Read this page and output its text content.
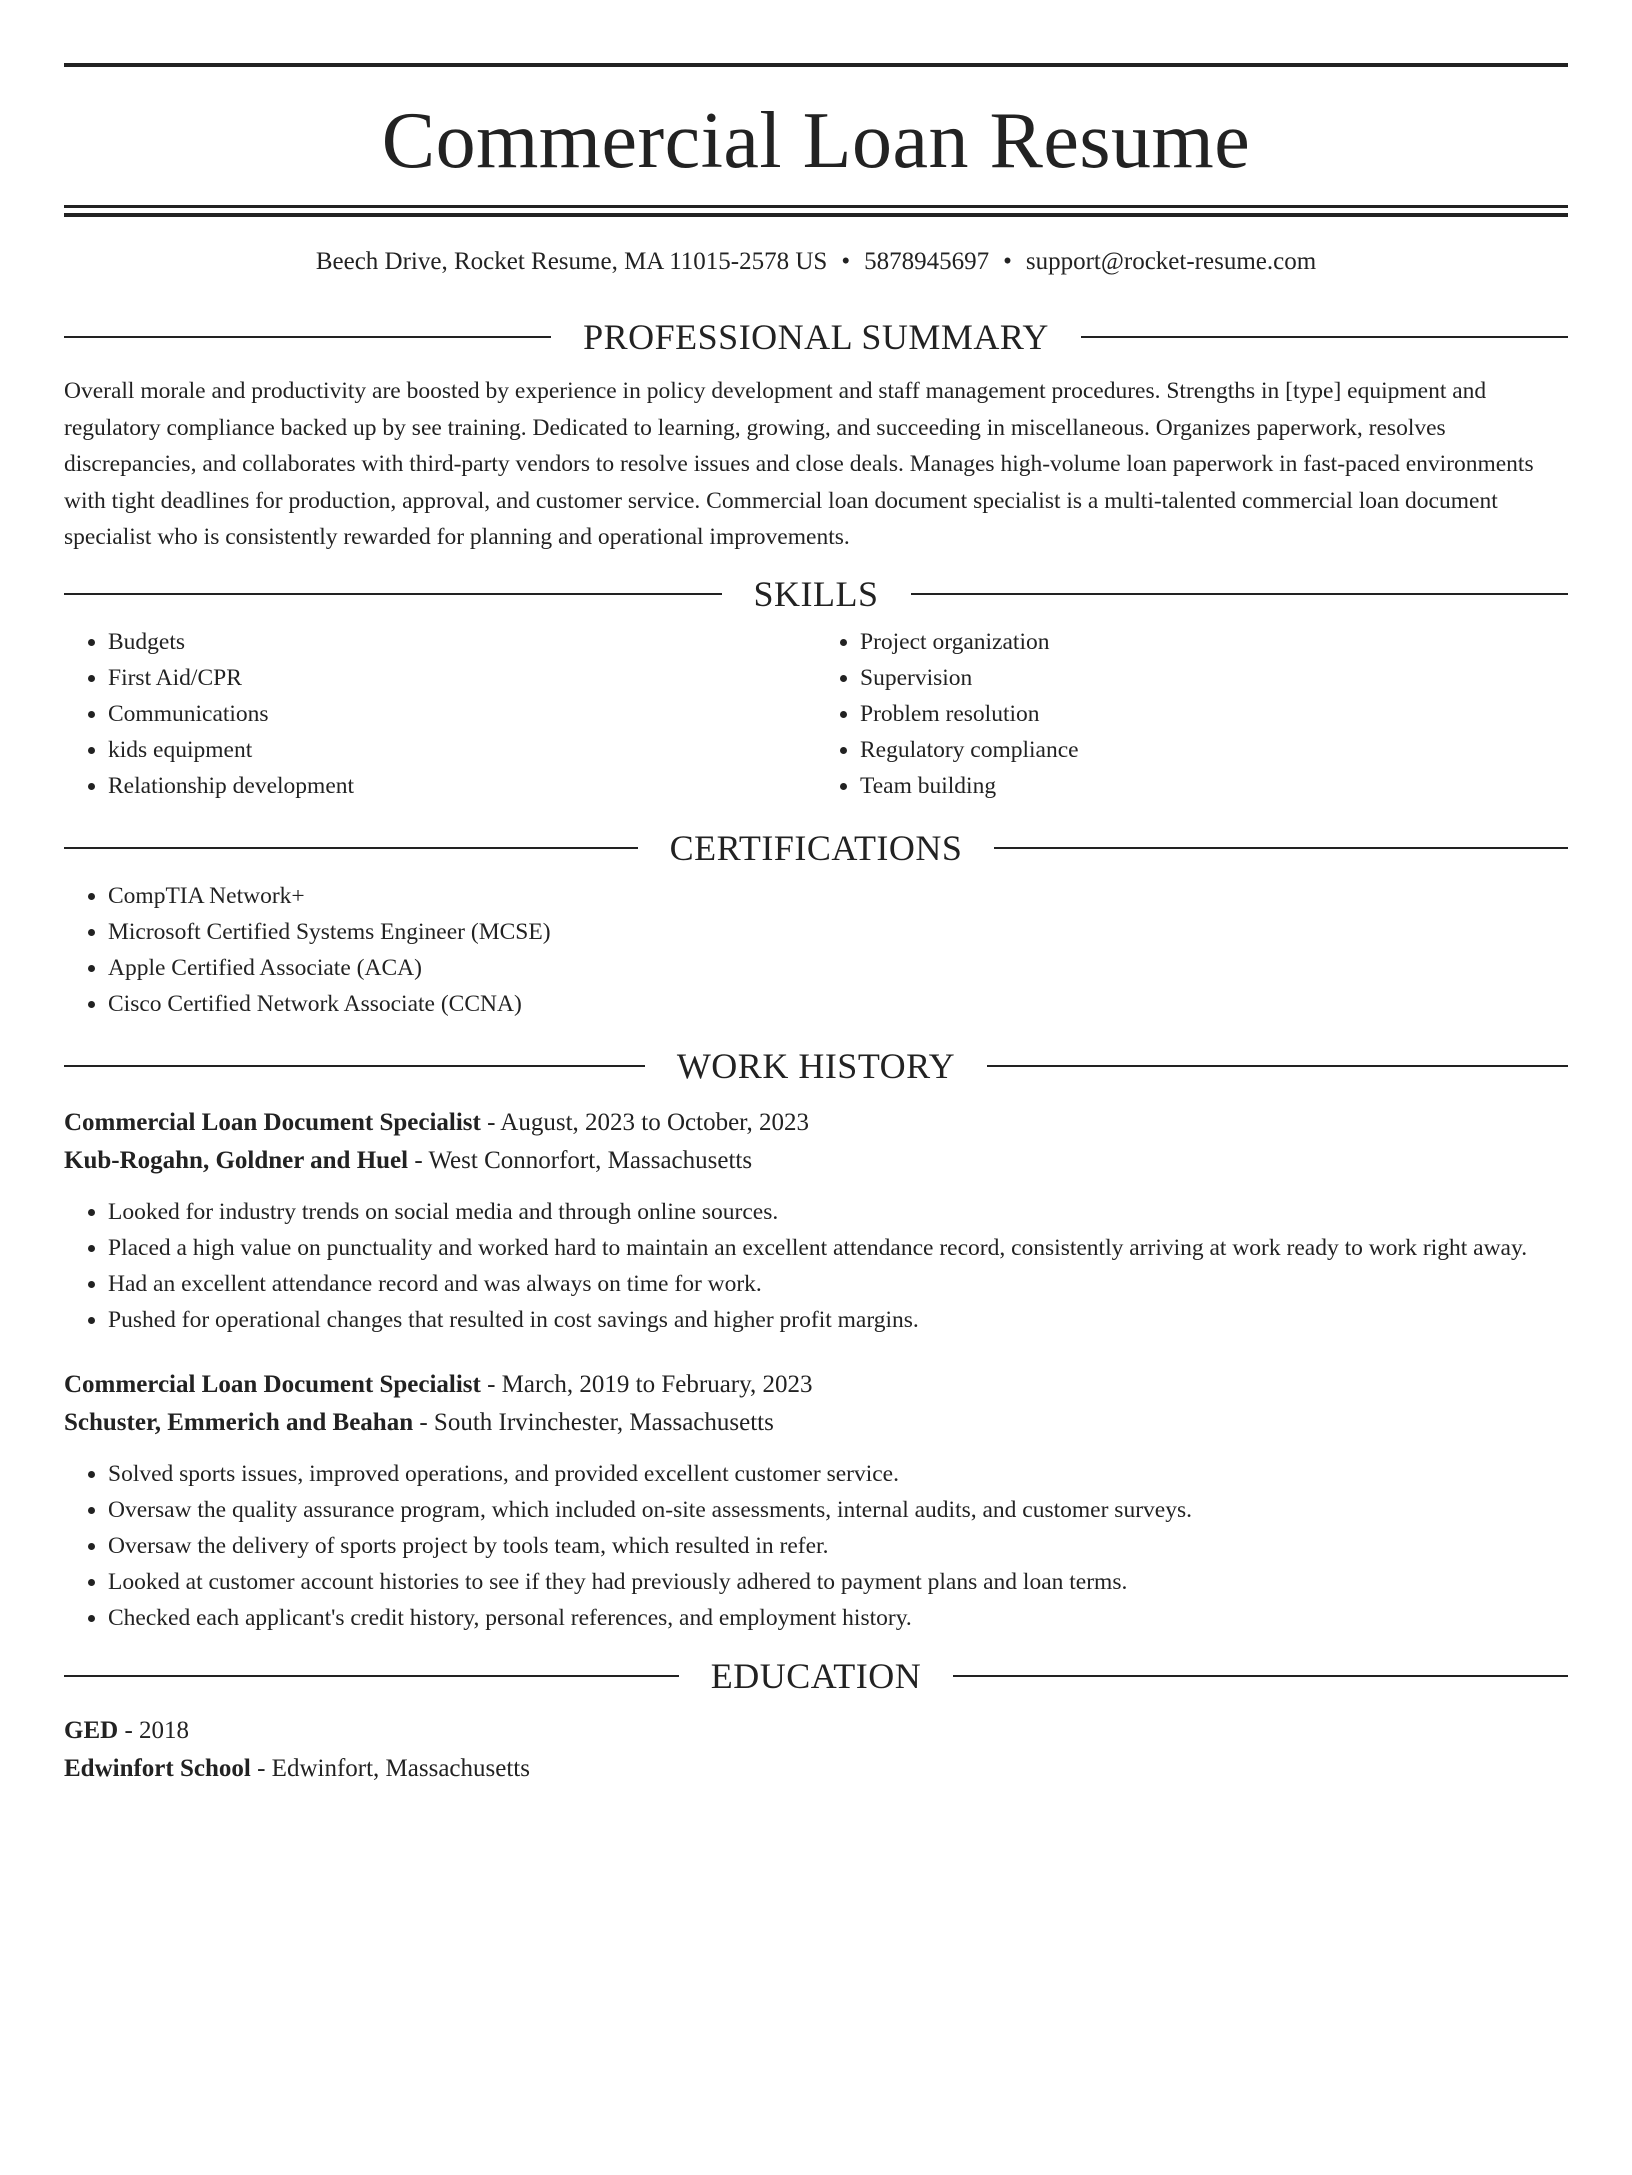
Commercial Loan Resume
Beech Drive, Rocket Resume, MA 11015-2578 US • 5878945697 • support@rocket-resume.com
PROFESSIONAL SUMMARY

Overall morale and productivity are boosted by experience in policy development and staff management procedures. Strengths in [type] equipment and regulatory compliance backed up by see training. Dedicated to learning, growing, and succeeding in miscellaneous. Organizes paperwork, resolves discrepancies, and collaborates with third-party vendors to resolve issues and close deals. Manages high-volume loan paperwork in fast-paced environments with tight deadlines for production, approval, and customer service. Commercial loan document specialist is a multi-talented commercial loan document specialist who is consistently rewarded for planning and operational improvements.

SKILLS
• Budgets
• First Aid/CPR
• Communications
• kids equipment
• Relationship development
• Project organization
• Supervision
• Problem resolution
• Regulatory compliance
• Team building
CERTIFICATIONS
• CompTIA Network+
• Microsoft Certified Systems Engineer (MCSE)
• Apple Certified Associate (ACA)
• Cisco Certified Network Associate (CCNA)
WORK HISTORY
Commercial Loan Document Specialist - August, 2023 to October, 2023
Kub-Rogahn, Goldner and Huel - West Connorfort, Massachusetts
• Looked for industry trends on social media and through online sources.
• Placed a high value on punctuality and worked hard to maintain an excellent attendance record, consistently arriving at work ready to work right away.
• Had an excellent attendance record and was always on time for work.
• Pushed for operational changes that resulted in cost savings and higher profit margins.
Commercial Loan Document Specialist - March, 2019 to February, 2023
Schuster, Emmerich and Beahan - South Irvinchester, Massachusetts
• Solved sports issues, improved operations, and provided excellent customer service.
• Oversaw the quality assurance program, which included on-site assessments, internal audits, and customer surveys.
• Oversaw the delivery of sports project by tools team, which resulted in refer.
• Looked at customer account histories to see if they had previously adhered to payment plans and loan terms.
• Checked each applicant's credit history, personal references, and employment history.
EDUCATION
GED - 2018
Edwinfort School - Edwinfort, Massachusetts
